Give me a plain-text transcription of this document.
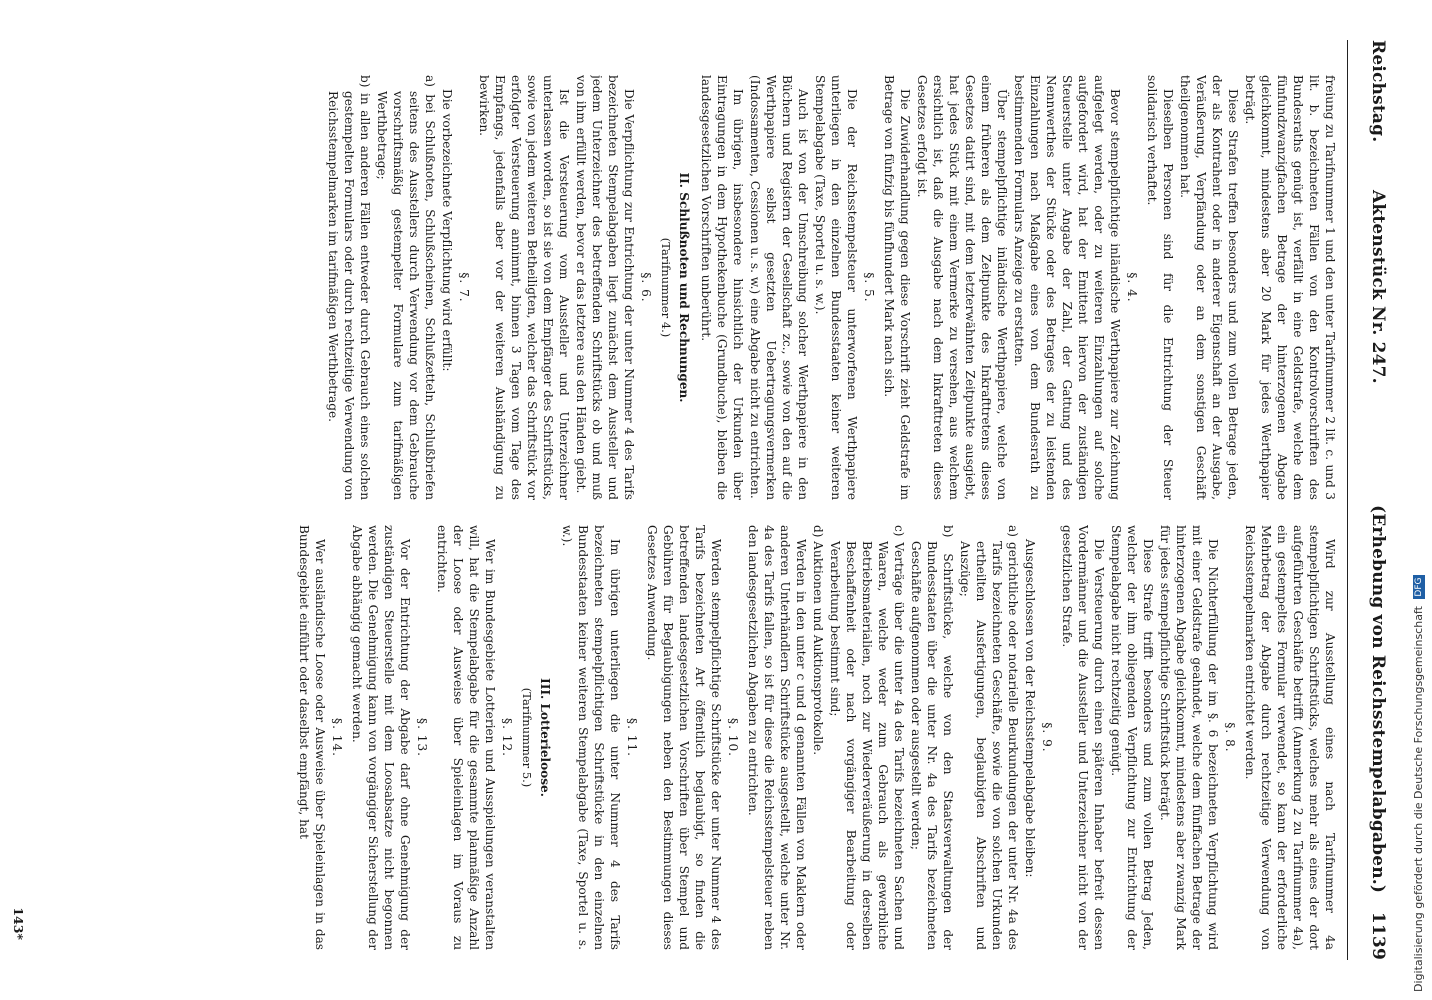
Reichstag.
Aktenstück Nr. 247.
(Erhebung von Reichsstempelabgaben.)
1139

freiung zu Tarifnummer 1 und den unter Tarifnummer 2 lit. c. und 3 lit. b. bezeichneten Fällen von den Kontrolvorschriften des Bundesraths genügt ist, verfällt in eine Geldstrafe, welche dem fünfundzwanzigfachen Betrage der hinterzogenen Abgabe gleichkommt, mindestens aber 20 Mark für jedes Werthpapier beträgt.

Diese Strafen treffen besonders und zum vollen Betrage jeden, der als Kontrahent oder in anderer Eigenschaft an der Ausgabe, Veräußerung, Verpfändung oder an dem sonstigen Geschäft theilgenommen hat.

Dieselben Personen sind für die Entrichtung der Steuer solidarisch verhaftet.

§. 4.

Bevor stempelpflichtige inländische Werthpapiere zur Zeichnung aufgelegt werden, oder zu weiteren Einzahlungen auf solche aufgefordert wird, hat der Emittent hiervon der zuständigen Steuerstelle unter Angabe der Zahl, der Gattung und des Nennwerthes der Stücke oder des Betrages der zu leistenden Einzahlungen nach Maßgabe eines von dem Bundesrath zu bestimmenden Formulars Anzeige zu erstatten.

Über stempelpflichtige inländische Werthpapiere, welche von einem früheren als dem Zeitpunkte des Inkrafttretens dieses Gesetzes datirt sind, mit dem letzterwähnten Zeitpunkte ausgiebt, hat jedes Stück mit einem Vermerke zu versehen, aus welchem ersichtlich ist, daß die Ausgabe nach dem Inkrafttreten dieses Gesetzes erfolgt ist.

Die Zuwiderhandlung gegen diese Vorschrift zieht Geldstrafe im Betrage von fünfzig bis fünfhundert Mark nach sich.

§. 5.

Die der Reichsstempelsteuer unterworfenen Werthpapiere unterliegen in den einzelnen Bundesstaaten keiner weiteren Stempelabgabe (Taxe, Sportel u. s. w.).

Auch ist von der Umschreibung solcher Werthpapiere in den Büchern und Registern der Gesellschaft zc., sowie von den auf die Werthpapiere selbst gesetzten Uebertragungsvermerken (Indossamenten, Cessionen u. s. w.) eine Abgabe nicht zu entrichten.

Im übrigen, insbesondere hinsichtlich der Urkunden über Eintragungen in dem Hypothekenbuche (Grundbuche), bleiben die landesgesetzlichen Vorschriften unberührt.

II. Schlußnoten und Rechnungen.
(Tarifnummer 4.)
§. 6.

Die Verpflichtung zur Entrichtung der unter Nummer 4 des Tarifs bezeichneten Stempelabgaben liegt zunächst dem Aussteller und jedem Unterzeichner des betreffenden Schriftstücks ob und muß von ihm erfüllt werden, bevor er das letztere aus den Händen giebt.

Ist die Versteuerung vom Aussteller und Unterzeichner unterlassen worden, so ist sie von dem Empfänger des Schriftstücks, sowie von jedem weiteren Betheiligten, welcher das Schriftstück vor erfolgter Versteuerung annimmt, binnen 3 Tagen vom Tage des Empfangs, jedenfalls aber vor der weiteren Aushändigung zu bewirken.

§. 7.

Die vorbezeichnete Verpflichtung wird erfüllt:

a) bei Schlußnoten, Schlußscheinen, Schlußzetteln, Schlußbriefen seitens des Ausstellers durch Verwendung vor dem Gebrauche vorschriftsmäßig gestempelter Formulare zum tarifmäßigen Werthbetrage;

b) in allen anderen Fällen entweder durch Gebrauch eines solchen gestempelten Formulars oder durch rechtzeitige Verwendung von Reichsstempelmarken im tarifmäßigen Werthbetrage.

Wird zur Ausstellung eines nach Tarifnummer 4a stempelpflichtigen Schriftstücks, welches mehr als eines der dort aufgeführten Geschäfte betrifft (Anmerkung 2 zu Tarifnummer 4a), ein gestempeltes Formular verwendet, so kann der erforderliche Mehrbetrag der Abgabe durch rechtzeitige Verwendung von Reichsstempelmarken entrichtet werden.

§. 8.

Die Nichterfüllung der im §. 6 bezeichneten Verpflichtung wird mit einer Geldstrafe geahndet, welche dem fünffachen Betrage der hinterzogenen Abgabe gleichkommt, mindestens aber zwanzig Mark für jedes stempelpflichtige Schriftstück beträgt.

Diese Strafe trifft besonders und zum vollen Betrag Jeden, welcher der ihm obliegenden Verpflichtung zur Entrichtung der Stempelabgabe nicht rechtzeitig genügt.

Die Versteuerung durch einen späteren Inhaber befreit dessen Vordermänner und die Aussteller und Unterzeichner nicht von der gesetzlichen Strafe.

§. 9.

Ausgeschlossen von der Reichsstempelabgabe bleiben:

a) gerichtliche oder notarielle Beurkundungen der unter Nr. 4a des Tarifs bezeichneten Geschäfte, sowie die von solchen Urkunden ertheilten Ausfertigungen, beglaubigten Abschriften und Auszüge;

b) Schriftstücke, welche von den Staatsverwaltungen der Bundesstaaten über die unter Nr. 4a des Tarifs bezeichneten Geschäfte aufgenommen oder ausgestellt werden;

c) Verträge über die unter 4a des Tarifs bezeichneten Sachen und Waaren, welche weder zum Gebrauch als gewerbliche Betriebsmaterialien, noch zur Wiederveräußerung in derselben Beschaffenheit oder nach vorgängiger Bearbeitung oder Verarbeitung bestimmt sind;

d) Auktionen und Auktionsprotokolle.

Werden in den unter c und d genannten Fällen von Maklern oder anderen Unterhändlern Schriftstücke ausgestellt, welche unter Nr. 4a des Tarifs fallen, so ist für diese die Reichsstempelsteuer neben den landesgesetzlichen Abgaben zu entrichten.

§. 10.

Werden stempelpflichtige Schriftstücke der unter Nummer 4 des Tarifs bezeichneten Art öffentlich beglaubigt, so finden die betreffenden landesgesetzlichen Vorschriften über Stempel und Gebühren für Beglaubigungen neben den Bestimmungen dieses Gesetzes Anwendung.

§. 11.

Im übrigen unterliegen die unter Nummer 4 des Tarifs bezeichneten stempelpflichtigen Schriftstücke in den einzelnen Bundesstaaten keiner weiteren Stempelabgabe (Taxe, Sportel u. s. w.).

III. Lotterieloose.
(Tarifnummer 5.)
§. 12.

Wer im Bundesgebiete Lotterien und Ausspielungen veranstalten will, hat die Stempelabgabe für die gesammte planmäßige Anzahl der Loose oder Ausweise über Spieleinlagen im Voraus zu entrichten.

§. 13.

Vor der Entrichtung der Abgabe darf ohne Genehmigung der zuständigen Steuerstelle mit dem Loosabsatze nicht begonnen werden. Die Genehmigung kann von vorgängiger Sicherstellung der Abgabe abhängig gemacht werden.

§. 14.

Wer ausländische Loose oder Ausweise über Spieleinlagen in das Bundesgebiet einführt oder daselbst empfängt, hat

143*	Digitalisierung gefördert durch die Deutsche Forschungsgemeinschaft DFG
